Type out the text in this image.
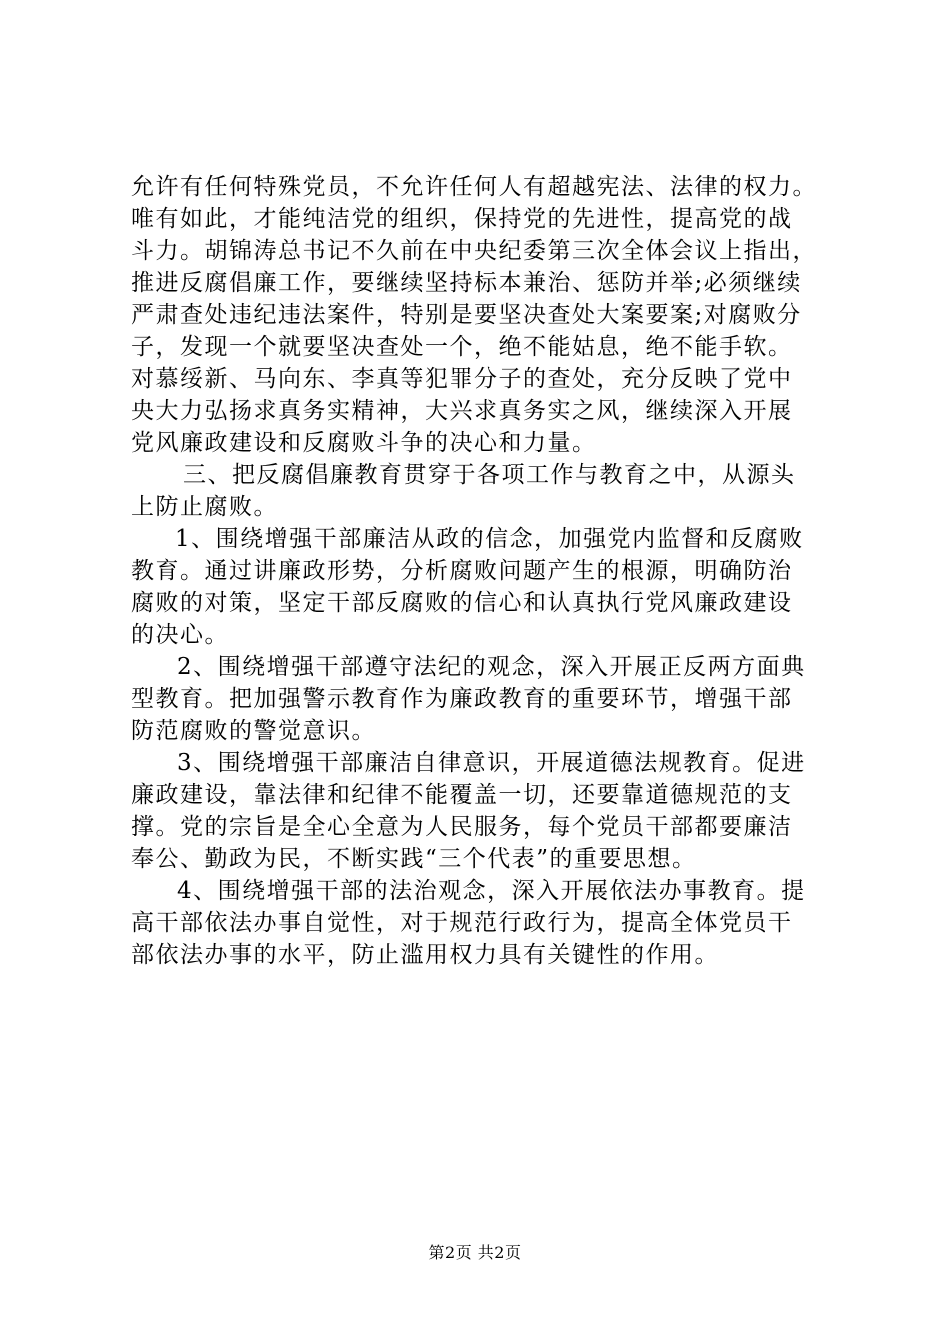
允许有任何特殊党员，不允许任何人有超越宪法、法律的权力。
唯有如此，才能纯洁党的组织，保持党的先进性，提高党的战
斗力。胡锦涛总书记不久前在中央纪委第三次全体会议上指出，
推进反腐倡廉工作，要继续坚持标本兼治、惩防并举;必须继续
严肃查处违纪违法案件，特别是要坚决查处大案要案;对腐败分
子，发现一个就要坚决查处一个，绝不能姑息，绝不能手软。
对慕绥新、马向东、李真等犯罪分子的查处，充分反映了党中
央大力弘扬求真务实精神，大兴求真务实之风，继续深入开展
党风廉政建设和反腐败斗争的决心和力量。

三、把反腐倡廉教育贯穿于各项工作与教育之中，从源头
上防止腐败。

1、围绕增强干部廉洁从政的信念，加强党内监督和反腐败
教育。通过讲廉政形势，分析腐败问题产生的根源，明确防治
腐败的对策，坚定干部反腐败的信心和认真执行党风廉政建设
的决心。

2、围绕增强干部遵守法纪的观念，深入开展正反两方面典
型教育。把加强警示教育作为廉政教育的重要环节，增强干部
防范腐败的警觉意识。

3、围绕增强干部廉洁自律意识，开展道德法规教育。促进
廉政建设，靠法律和纪律不能覆盖一切，还要靠道德规范的支
撑。党的宗旨是全心全意为人民服务，每个党员干部都要廉洁
奉公、勤政为民，不断实践“三个代表”的重要思想。

4、围绕增强干部的法治观念，深入开展依法办事教育。提
高干部依法办事自觉性，对于规范行政行为，提高全体党员干
部依法办事的水平，防止滥用权力具有关键性的作用。

第2页 共2页
